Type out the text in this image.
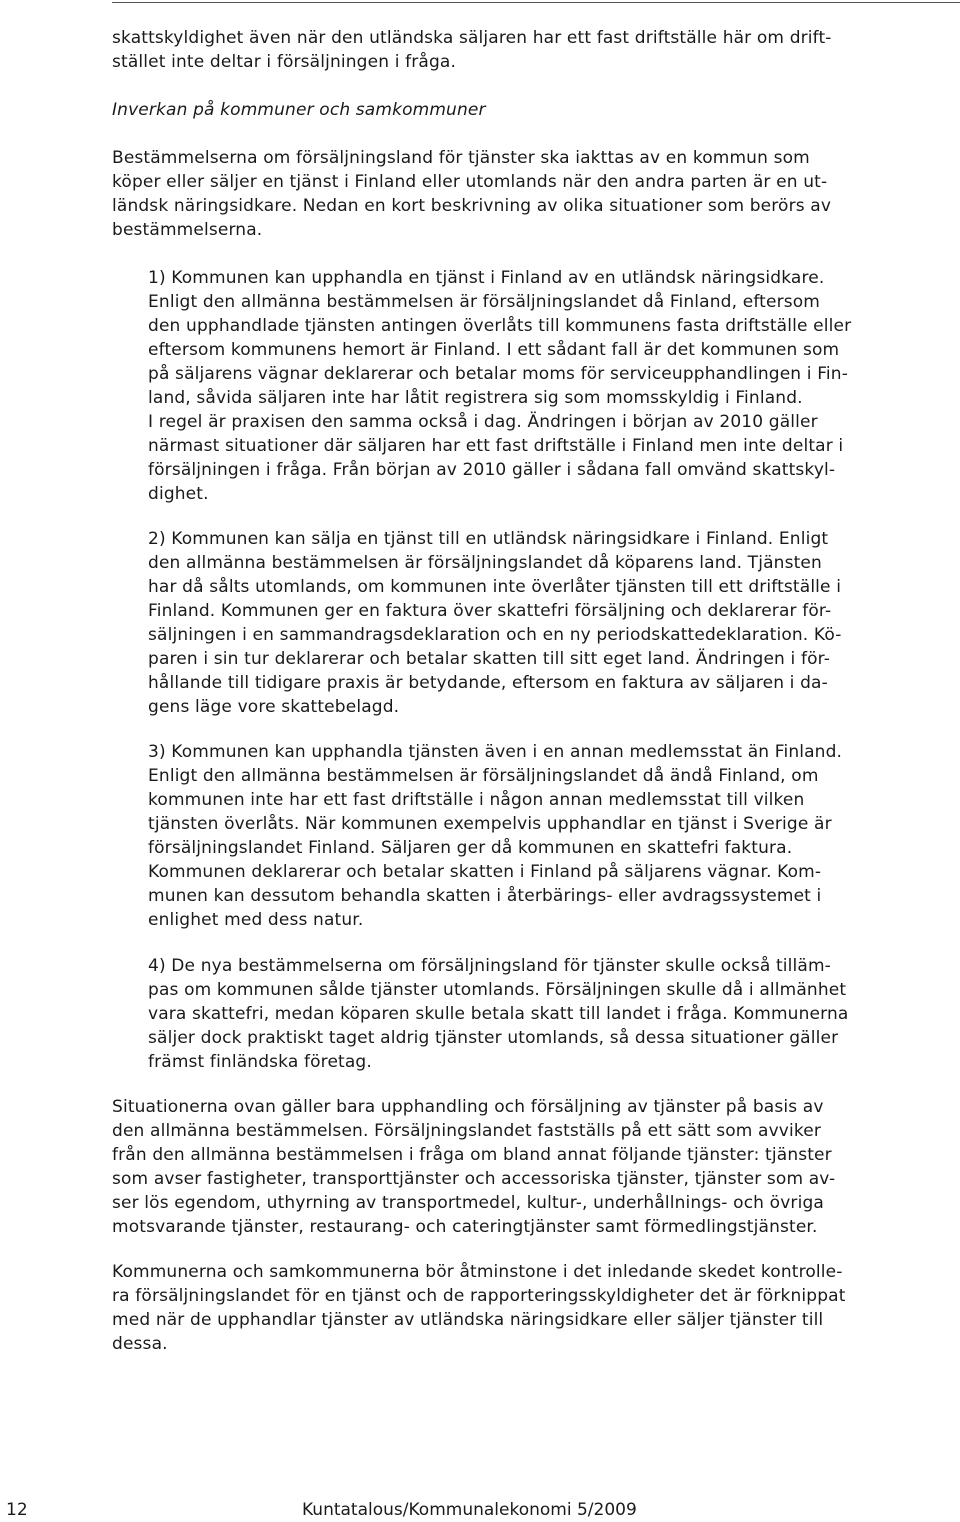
skattskyldighet även när den utländska säljaren har ett fast driftställe här om drift-

stället inte deltar i försäljningen i fråga.

Inverkan på kommuner och samkommuner

Bestämmelserna om försäljningsland för tjänster ska iakttas av en kommun som

köper eller säljer en tjänst i Finland eller utomlands när den andra parten är en ut-

ländsk näringsidkare. Nedan en kort beskrivning av olika situationer som berörs av

bestämmelserna.

1) Kommunen kan upphandla en tjänst i Finland av en utländsk näringsidkare.

Enligt den allmänna bestämmelsen är försäljningslandet då Finland, eftersom

den upphandlade tjänsten antingen överlåts till kommunens fasta driftställe eller

eftersom kommunens hemort är Finland. I ett sådant fall är det kommunen som

på säljarens vägnar deklarerar och betalar moms för serviceupphandlingen i Fin-

land, såvida säljaren inte har låtit registrera sig som momsskyldig i Finland.

I regel är praxisen den samma också i dag. Ändringen i början av 2010 gäller

närmast situationer där säljaren har ett fast driftställe i Finland men inte deltar i

försäljningen i fråga. Från början av 2010 gäller i sådana fall omvänd skattskyl-

dighet.

2) Kommunen kan sälja en tjänst till en utländsk näringsidkare i Finland. Enligt

den allmänna bestämmelsen är försäljningslandet då köparens land. Tjänsten

har då sålts utomlands, om kommunen inte överlåter tjänsten till ett driftställe i

Finland. Kommunen ger en faktura över skattefri försäljning och deklarerar för-

säljningen i en sammandragsdeklaration och en ny periodskattedeklaration. Kö-

paren i sin tur deklarerar och betalar skatten till sitt eget land. Ändringen i för-

hållande till tidigare praxis är betydande, eftersom en faktura av säljaren i da-

gens läge vore skattebelagd.

3) Kommunen kan upphandla tjänsten även i en annan medlemsstat än Finland.

Enligt den allmänna bestämmelsen är försäljningslandet då ändå Finland, om

kommunen inte har ett fast driftställe i någon annan medlemsstat till vilken

tjänsten överlåts. När kommunen exempelvis upphandlar en tjänst i Sverige är

försäljningslandet Finland. Säljaren ger då kommunen en skattefri faktura.

Kommunen deklarerar och betalar skatten i Finland på säljarens vägnar. Kom-

munen kan dessutom behandla skatten i återbärings- eller avdragssystemet i

enlighet med dess natur.

4) De nya bestämmelserna om försäljningsland för tjänster skulle också tilläm-

pas om kommunen sålde tjänster utomlands. Försäljningen skulle då i allmänhet

vara skattefri, medan köparen skulle betala skatt till landet i fråga. Kommunerna

säljer dock praktiskt taget aldrig tjänster utomlands, så dessa situationer gäller

främst finländska företag.

Situationerna ovan gäller bara upphandling och försäljning av tjänster på basis av

den allmänna bestämmelsen. Försäljningslandet fastställs på ett sätt som avviker

från den allmänna bestämmelsen i fråga om bland annat följande tjänster: tjänster

som avser fastigheter, transporttjänster och accessoriska tjänster, tjänster som av-

ser lös egendom, uthyrning av transportmedel, kultur-, underhållnings- och övriga

motsvarande tjänster, restaurang- och cateringtjänster samt förmedlingstjänster.

Kommunerna och samkommunerna bör åtminstone i det inledande skedet kontrolle-

ra försäljningslandet för en tjänst och de rapporteringsskyldigheter det är förknippat

med när de upphandlar tjänster av utländska näringsidkare eller säljer tjänster till

dessa.

12	Kuntatalous/Kommunalekonomi 5/2009
